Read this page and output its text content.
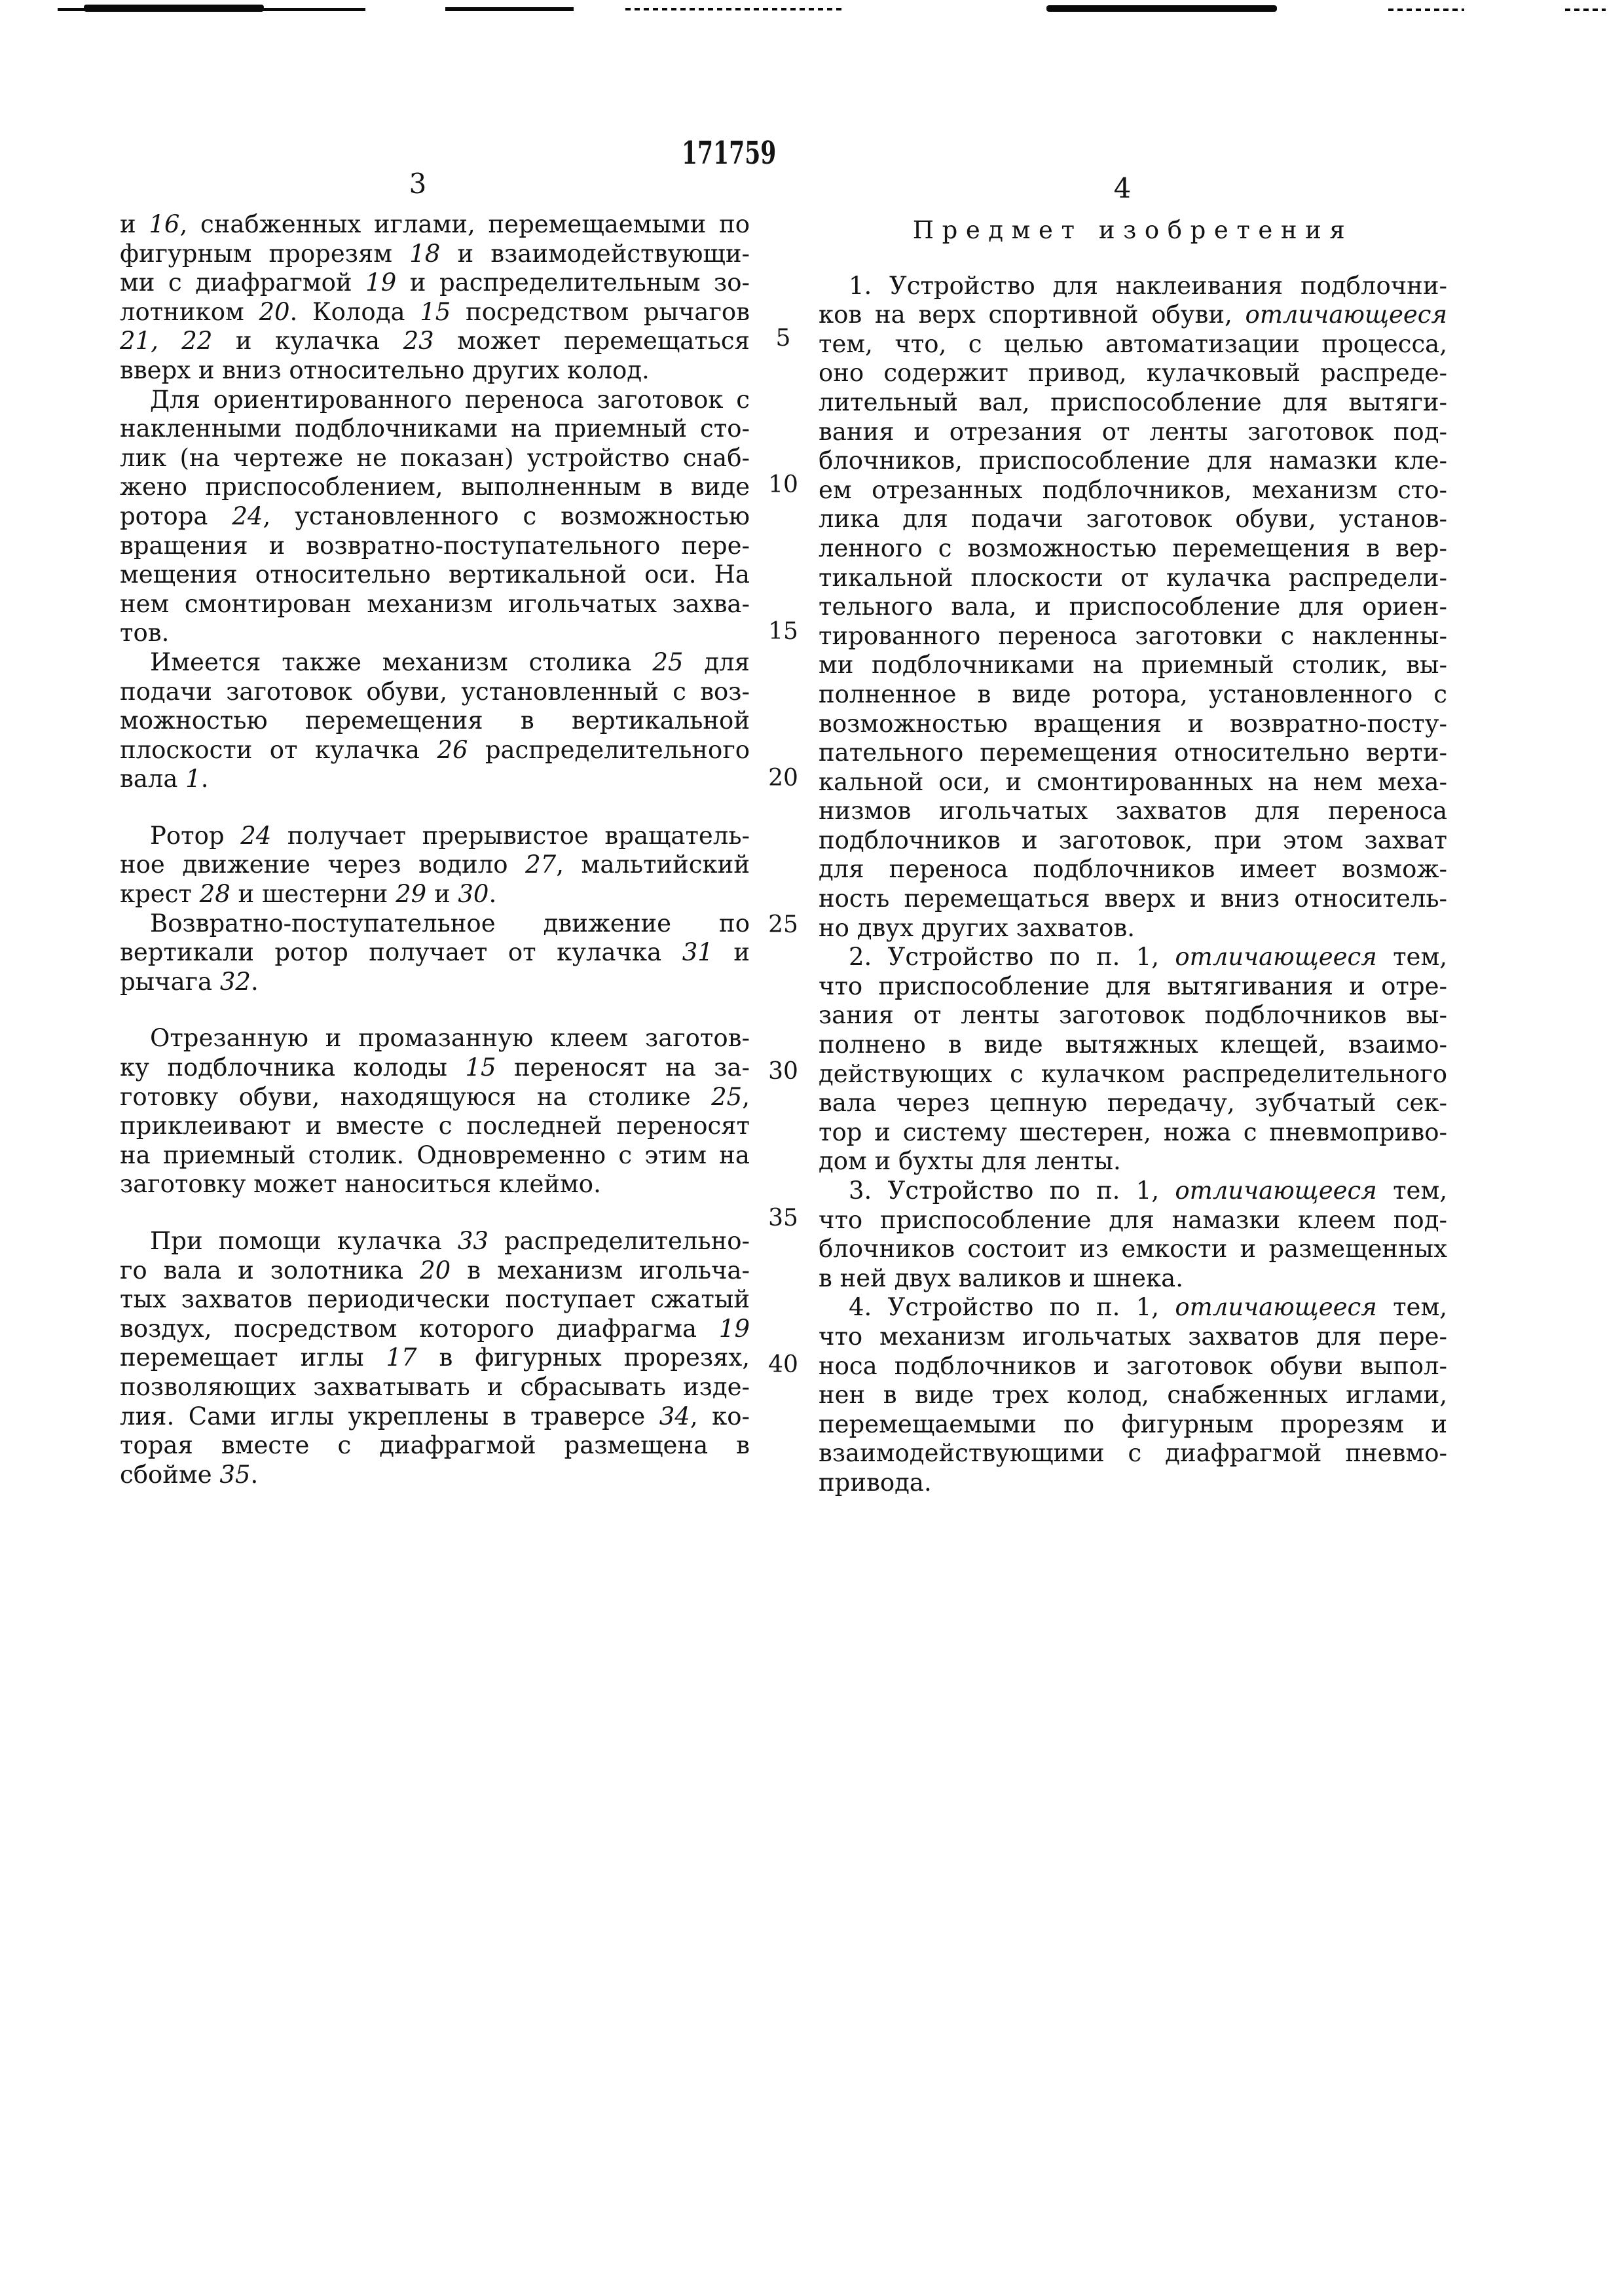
171759
3	4
и 16, снабженных иглами, перемещаемыми по
фигурным прорезям 18 и взаимодействующи-
ми с диафрагмой 19 и распределительным зо-
лотником 20. Колода 15 посредством рычагов
21, 22 и кулачка 23 может перемещаться
вверх и вниз относительно других колод.
Для ориентированного переноса заготовок с
накленными подблочниками на приемный сто-
лик (на чертеже не показан) устройство снаб-
жено приспособлением, выполненным в виде
ротора 24, установленного с возможностью
вращения и возвратно-поступательного пере-
мещения относительно вертикальной оси. На
нем смонтирован механизм игольчатых захва-
тов.
Имеется также механизм столика 25 для
подачи заготовок обуви, установленный с воз-
можностью перемещения в вертикальной
плоскости от кулачка 26 распределительного
вала 1.
Ротор 24 получает прерывистое вращатель-
ное движение через водило 27, мальтийский
крест 28 и шестерни 29 и 30.
Возвратно-поступательное движение по
вертикали ротор получает от кулачка 31 и
рычага 32.
Отрезанную и промазанную клеем заготов-
ку подблочника колоды 15 переносят на за-
готовку обуви, находящуюся на столике 25,
приклеивают и вместе с последней переносят
на приемный столик. Одновременно с этим на
заготовку может наноситься клеймо.
При помощи кулачка 33 распределительно-
го вала и золотника 20 в механизм игольча-
тых захватов периодически поступает сжатый
воздух, посредством которого диафрагма 19
перемещает иглы 17 в фигурных прорезях,
позволяющих захватывать и сбрасывать изде-
лия. Сами иглы укреплены в траверсе 34, ко-
торая вместе с диафрагмой размещена в
сбойме 35.
5
10
15
20
25
30
35
40
Предмет изобретения
1. Устройство для наклеивания подблочни-
ков на верх спортивной обуви, отличающееся
тем, что, с целью автоматизации процесса,
оно содержит привод, кулачковый распреде-
лительный вал, приспособление для вытяги-
вания и отрезания от ленты заготовок под-
блочников, приспособление для намазки кле-
ем отрезанных подблочников, механизм сто-
лика для подачи заготовок обуви, установ-
ленного с возможностью перемещения в вер-
тикальной плоскости от кулачка распредели-
тельного вала, и приспособление для ориен-
тированного переноса заготовки с накленны-
ми подблочниками на приемный столик, вы-
полненное в виде ротора, установленного с
возможностью вращения и возвратно-посту-
пательного перемещения относительно верти-
кальной оси, и смонтированных на нем меха-
низмов игольчатых захватов для переноса
подблочников и заготовок, при этом захват
для переноса подблочников имеет возмож-
ность перемещаться вверх и вниз относитель-
но двух других захватов.
2. Устройство по п. 1, отличающееся тем,
что приспособление для вытягивания и отре-
зания от ленты заготовок подблочников вы-
полнено в виде вытяжных клещей, взаимо-
действующих с кулачком распределительного
вала через цепную передачу, зубчатый сек-
тор и систему шестерен, ножа с пневмоприво-
дом и бухты для ленты.
3. Устройство по п. 1, отличающееся тем,
что приспособление для намазки клеем под-
блочников состоит из емкости и размещенных
в ней двух валиков и шнека.
4. Устройство по п. 1, отличающееся тем,
что механизм игольчатых захватов для пере-
носа подблочников и заготовок обуви выпол-
нен в виде трех колод, снабженных иглами,
перемещаемыми по фигурным прорезям и
взаимодействующими с диафрагмой пневмо-
привода.
